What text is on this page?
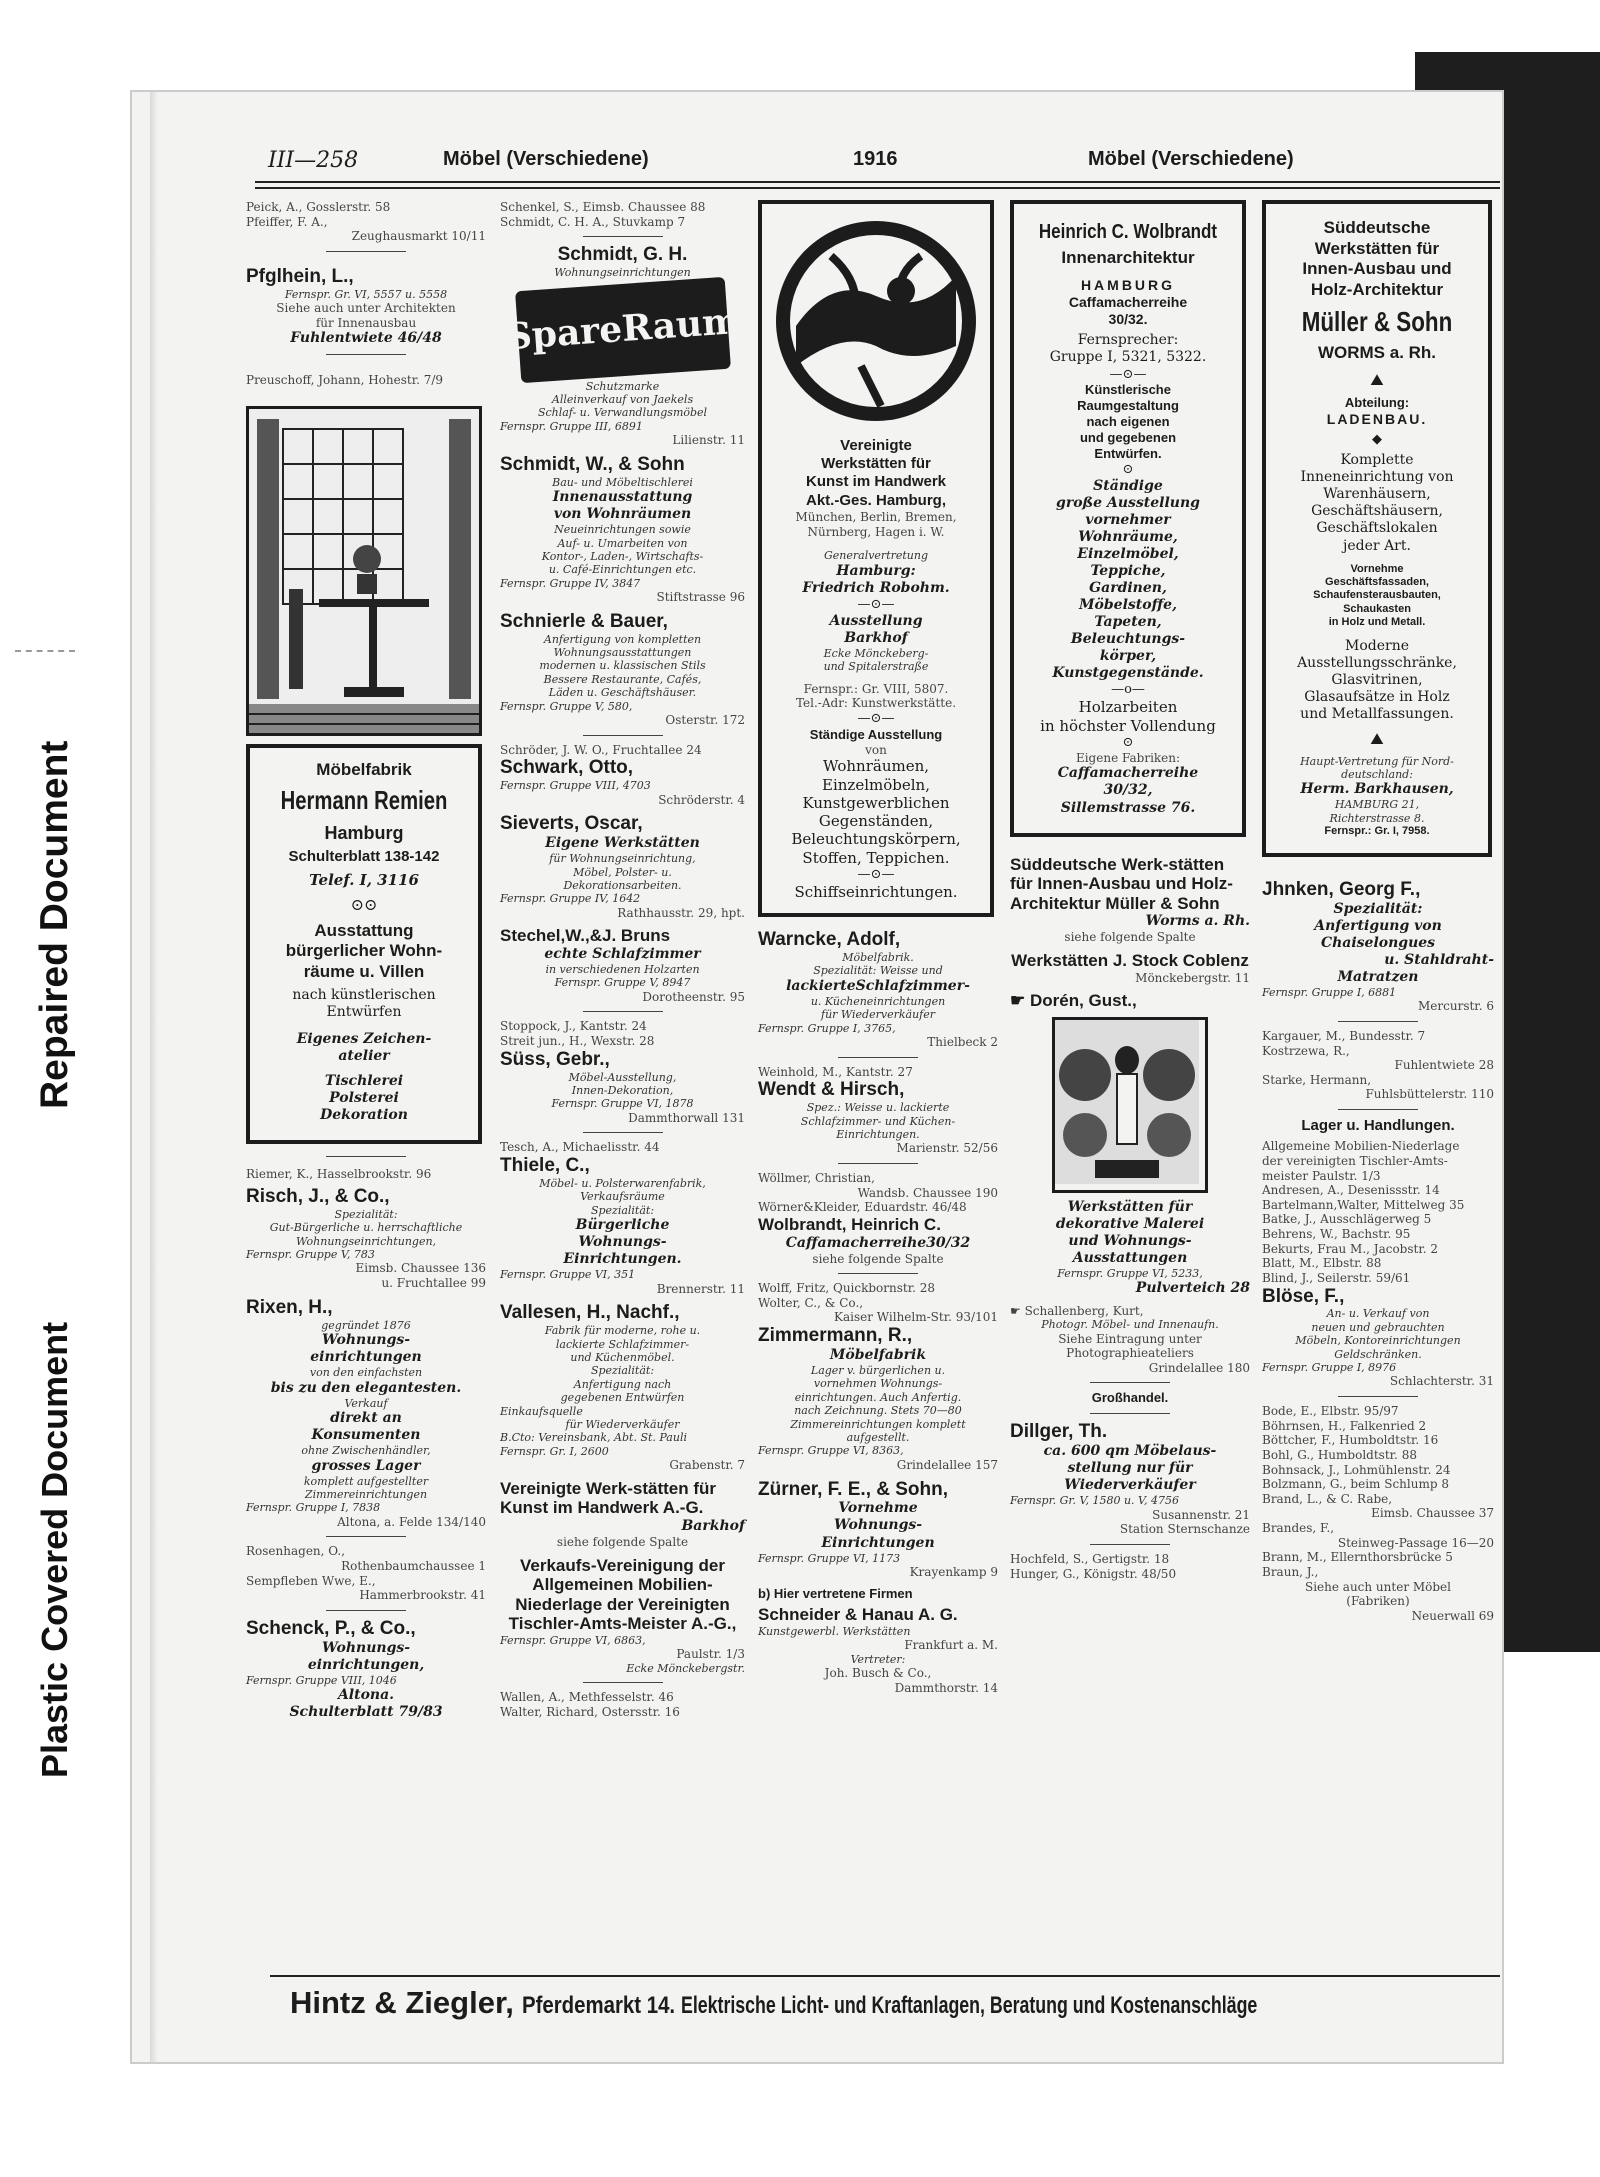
Repaired Document
Plastic Covered Document
III—258	Möbel (Verschiedene)	1916	Möbel (Verschiedene)

Peick, A., Gosslerstr. 58

Pfeiffer, F. A.,

Zeughausmarkt 10/11

Pfglhein, L.,

Fernspr. Gr. VI, 5557 u. 5558

Siehe auch unter Architekten

für Innenausbau

Fuhlentwiete 46/48

Preuschoff, Johann, Hohestr. 7/9

Möbelfabrik

Hermann Remien

Hamburg

Schulterblatt 138-142

Telef. I, 3116

⊙⊙

Ausstattung

bürgerlicher Wohn-

räume u. Villen

nach künstlerischen

Entwürfen

Eigenes Zeichen-

atelier

Tischlerei

Polsterei

Dekoration

Riemer, K., Hasselbrookstr. 96

Risch, J., & Co.,

Spezialität:

Gut-Bürgerliche u. herrschaftliche

Wohnungseinrichtungen,

Fernspr. Gruppe V, 783

Eimsb. Chaussee 136

u. Fruchtallee 99

Rixen, H.,

gegründet 1876

Wohnungs-

einrichtungen

von den einfachsten

bis zu den elegantesten.

Verkauf

direkt an

Konsumenten

ohne Zwischenhändler,

grosses Lager

komplett aufgestellter

Zimmereinrichtungen

Fernspr. Gruppe I, 7838

Altona, a. Felde 134/140

Rosenhagen, O.,

Rothenbaumchaussee 1

Sempfleben Wwe, E.,

Hammerbrookstr. 41

Schenck, P., & Co.,

Wohnungs-

einrichtungen,

Fernspr. Gruppe VIII, 1046

Altona.

Schulterblatt 79/83

Schenkel, S., Eimsb. Chaussee 88

Schmidt, C. H. A., Stuvkamp 7

Schmidt, G. H.

Wohnungseinrichtungen

SpareRaum

Schutzmarke

Alleinverkauf von Jaekels

Schlaf- u. Verwandlungsmöbel

Fernspr. Gruppe III, 6891

Lilienstr. 11

Schmidt, W., & Sohn

Bau- und Möbeltischlerei

Innenausstattung

von Wohnräumen

Neueinrichtungen sowie

Auf- u. Umarbeiten von

Kontor-, Laden-, Wirtschafts-

u. Café-Einrichtungen etc.

Fernspr. Gruppe IV, 3847

Stiftstrasse 96

Schnierle & Bauer,

Anfertigung von kompletten

Wohnungsausstattungen

modernen u. klassischen Stils

Bessere Restaurante, Cafés,

Läden u. Geschäftshäuser.

Fernspr. Gruppe V, 580,

Osterstr. 172

Schröder, J. W. O., Fruchtallee 24

Schwark, Otto,

Fernspr. Gruppe VIII, 4703

Schröderstr. 4

Sieverts, Oscar,

Eigene Werkstätten

für Wohnungseinrichtung,

Möbel, Polster- u.

Dekorationsarbeiten.

Fernspr. Gruppe IV, 1642

Rathhausstr. 29, hpt.

Stechel,W.,&J. Bruns

echte Schlafzimmer

in verschiedenen Holzarten

Fernspr. Gruppe V, 8947

Dorotheenstr. 95

Stoppock, J., Kantstr. 24

Streit jun., H., Wexstr. 28

Süss, Gebr.,

Möbel-Ausstellung,

Innen-Dekoration,

Fernspr. Gruppe VI, 1878

Dammthorwall 131

Tesch, A., Michaelisstr. 44

Thiele, C.,

Möbel- u. Polsterwarenfabrik,

Verkaufsräume

Spezialität:

Bürgerliche

Wohnungs-

Einrichtungen.

Fernspr. Gruppe VI, 351

Brennerstr. 11

Vallesen, H., Nachf.,

Fabrik für moderne, rohe u.

lackierte Schlafzimmer-

und Küchenmöbel.

Spezialität:

Anfertigung nach

gegebenen Entwürfen

Einkaufsquelle

für Wiederverkäufer

B.Cto: Vereinsbank, Abt. St. Pauli

Fernspr. Gr. I, 2600

Grabenstr. 7

Vereinigte Werk-stätten für Kunst im Handwerk A.-G.

Barkhof

siehe folgende Spalte

Verkaufs-Vereinigung der Allgemeinen Mobilien-Niederlage der Vereinigten Tischler-Amts-Meister A.-G.,

Fernspr. Gruppe VI, 6863,

Paulstr. 1/3

Ecke Mönckebergstr.

Wallen, A., Methfesselstr. 46

Walter, Richard, Ostersstr. 16

Vereinigte

Werkstätten für

Kunst im Handwerk

Akt.-Ges. Hamburg,

München, Berlin, Bremen,

Nürnberg, Hagen i. W.

Generalvertretung

Hamburg:

Friedrich Robohm.

—⊙—

Ausstellung

Barkhof

Ecke Mönckeberg-

und Spitalerstraße

Fernspr.: Gr. VIII, 5807.

Tel.-Adr: Kunstwerkstätte.

—⊙—

Ständige Ausstellung

von

Wohnräumen,

Einzelmöbeln,

Kunstgewerblichen

Gegenständen,

Beleuchtungskörpern,

Stoffen, Teppichen.

—⊙—

Schiffseinrichtungen.

Warncke, Adolf,

Möbelfabrik.

Spezialität: Weisse und

lackierteSchlafzimmer-

u. Kücheneinrichtungen

für Wiederverkäufer

Fernspr. Gruppe I, 3765,

Thielbeck 2

Weinhold, M., Kantstr. 27

Wendt & Hirsch,

Spez.: Weisse u. lackierte

Schlafzimmer- und Küchen-

Einrichtungen.

Marienstr. 52/56

Wöllmer, Christian,

Wandsb. Chaussee 190

Wörner&Kleider, Eduardstr. 46/48

Wolbrandt, Heinrich C.

Caffamacherreihe30/32

siehe folgende Spalte

Wolff, Fritz, Quickbornstr. 28

Wolter, C., & Co.,

Kaiser Wilhelm-Str. 93/101

Zimmermann, R.,

Möbelfabrik

Lager v. bürgerlichen u.

vornehmen Wohnungs-

einrichtungen. Auch Anfertig.

nach Zeichnung. Stets 70—80

Zimmereinrichtungen komplett

aufgestellt.

Fernspr. Gruppe VI, 8363,

Grindelallee 157

Zürner, F. E., & Sohn,

Vornehme

Wohnungs-

Einrichtungen

Fernspr. Gruppe VI, 1173

Krayenkamp 9

b) Hier vertretene Firmen

Schneider & Hanau A. G.

Kunstgewerbl. Werkstätten

Frankfurt a. M.

Vertreter:

Joh. Busch & Co.,

Dammthorstr. 14

Heinrich C. Wolbrandt

Innenarchitektur

HAMBURG

Caffamacherreihe

30/32.

Fernsprecher:

Gruppe I, 5321, 5322.

—⊙—

Künstlerische

Raumgestaltung

nach eigenen

und gegebenen

Entwürfen.

⊙

Ständige

große Ausstellung

vornehmer

Wohnräume,

Einzelmöbel,

Teppiche,

Gardinen,

Möbelstoffe,

Tapeten,

Beleuchtungs-

körper,

Kunstgegenstände.

—o—

Holzarbeiten

in höchster Vollendung

⊙

Eigene Fabriken:

Caffamacherreihe

30/32,

Sillemstrasse 76.

Süddeutsche Werk-stätten für Innen-Ausbau und Holz-Architektur Müller & Sohn

Worms a. Rh.

siehe folgende Spalte

Werkstätten J. Stock Coblenz

Mönckebergstr. 11

☛ Dorén, Gust.,

Werkstätten für

dekorative Malerei

und Wohnungs-

Ausstattungen

Fernspr. Gruppe VI, 5233,

Pulverteich 28

☛ Schallenberg, Kurt,

Photogr. Möbel- und Innenaufn.

Siehe Eintragung unter

Photographieateliers

Grindelallee 180

Großhandel.

Dillger, Th.

ca. 600 qm Möbelaus-

stellung nur für

Wiederverkäufer

Fernspr. Gr. V, 1580 u. V, 4756

Susannenstr. 21

Station Sternschanze

Hochfeld, S., Gertigstr. 18

Hunger, G., Königstr. 48/50

Süddeutsche

Werkstätten für

Innen-Ausbau und

Holz-Architektur

Müller & Sohn

WORMS a. Rh.

⛰

Abteilung:

LADENBAU.

◆

Komplette

Inneneinrichtung von

Warenhäusern,

Geschäftshäusern,

Geschäftslokalen

jeder Art.

Vornehme

Geschäftsfassaden,

Schaufensterausbauten,

Schaukasten

in Holz und Metall.

Moderne

Ausstellungsschränke,

Glasvitrinen,

Glasaufsätze in Holz

und Metallfassungen.

⛰

Haupt-Vertretung für Nord-

deutschland:

Herm. Barkhausen,

HAMBURG 21,

Richterstrasse 8.

Fernspr.: Gr. I, 7958.

Jhnken, Georg F.,

Spezialität:

Anfertigung von

Chaiselongues

u. Stahldraht-

Matratzen

Fernspr. Gruppe I, 6881

Mercurstr. 6

Kargauer, M., Bundesstr. 7

Kostrzewa, R.,

Fuhlentwiete 28

Starke, Hermann,

Fuhlsbüttelerstr. 110

Lager u. Handlungen.

Allgemeine Mobilien-Niederlage

der vereinigten Tischler-Amts-

meister Paulstr. 1/3

Andresen, A., Desenissstr. 14

Bartelmann,Walter, Mittelweg 35

Batke, J., Ausschlägerweg 5

Behrens, W., Bachstr. 95

Bekurts, Frau M., Jacobstr. 2

Blatt, M., Elbstr. 88

Blind, J., Seilerstr. 59/61

Blöse, F.,

An- u. Verkauf von

neuen und gebrauchten

Möbeln, Kontoreinrichtungen

Geldschränken.

Fernspr. Gruppe I, 8976

Schlachterstr. 31

Bode, E., Elbstr. 95/97

Böhrnsen, H., Falkenried 2

Böttcher, F., Humboldtstr. 16

Bohl, G., Humboldtstr. 88

Bohnsack, J., Lohmühlenstr. 24

Bolzmann, G., beim Schlump 8

Brand, L., & C. Rabe,

Eimsb. Chaussee 37

Brandes, F.,

Steinweg-Passage 16—20

Brann, M., Ellernthorsbrücke 5

Braun, J.,

Siehe auch unter Möbel

(Fabriken)

Neuerwall 69

Hintz & Ziegler, Pferdemarkt 14. Elektrische Licht- und Kraftanlagen, Beratung und Kostenanschläge
